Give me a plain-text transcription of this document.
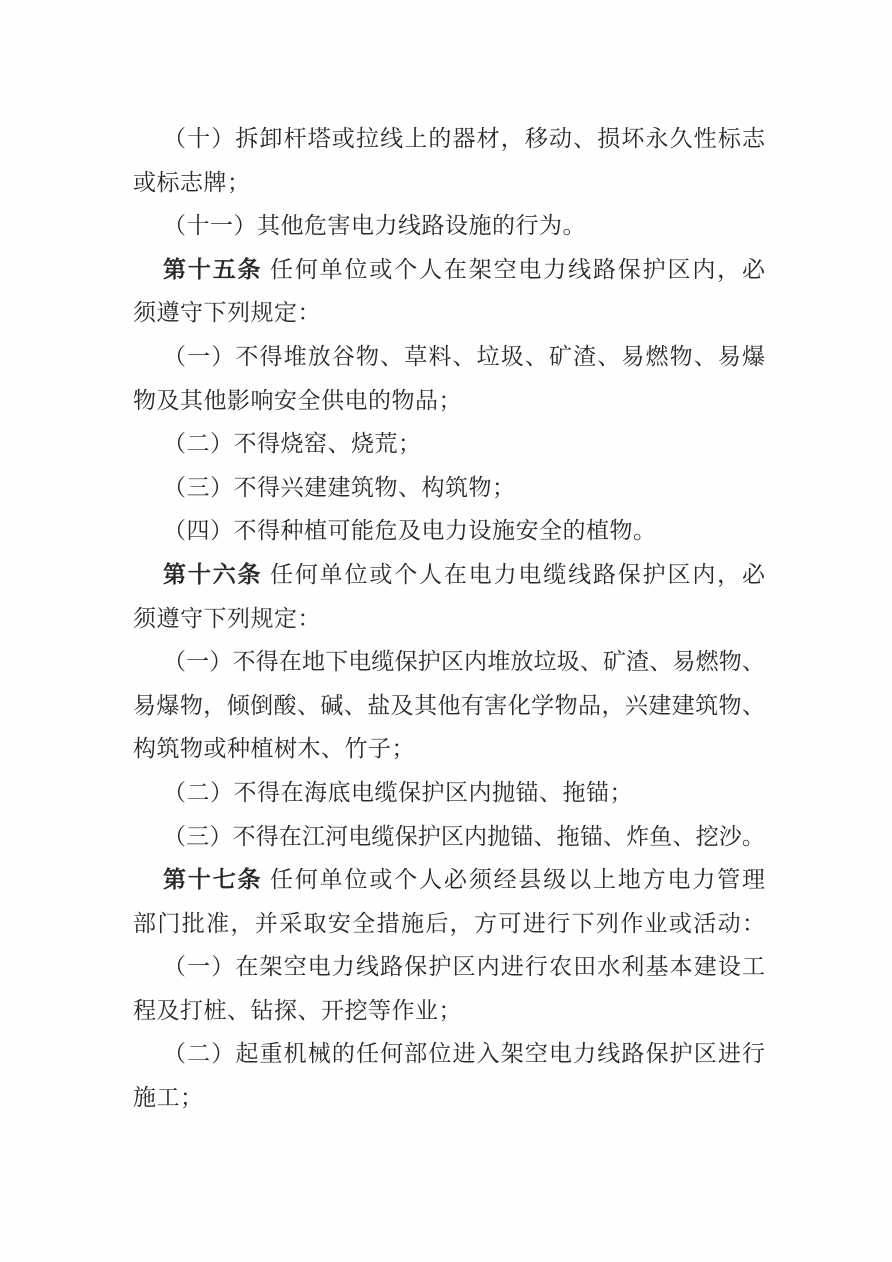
（ 十 ） 拆 卸 杆 塔 或 拉 线 上 的 器 材 ， 移 动 、 损 坏 永 久 性 标 志
或标志牌；
（十一）其他危害电力线路设施的行为。
第 十 五 条
任 何 单 位 或 个 人 在 架 空 电 力 线 路 保 护 区 内 ， 必
须遵守下列规定：
（ 一 ） 不 得 堆 放 谷 物 、 草 料 、 垃 圾 、 矿 渣 、 易 燃 物 、 易 爆
物及其他影响安全供电的物品；
（二）不得烧窑、烧荒；
（三）不得兴建建筑物、构筑物；
（四）不得种植可能危及电力设施安全的植物。
第 十 六 条
任 何 单 位 或 个 人 在 电 力 电 缆 线 路 保 护 区 内 ， 必
须遵守下列规定：
（ 一 ） 不 得 在 地 下 电 缆 保 护 区 内 堆 放 垃 圾 、 矿 渣 、 易 燃 物 、
易 爆 物 ， 倾 倒 酸 、 碱 、 盐 及 其 他 有 害 化 学 物 品 ， 兴 建 建 筑 物 、
构筑物或种植树木、竹子；
（二）不得在海底电缆保护区内抛锚、拖锚；
（ 三 ） 不 得 在 江 河 电 缆 保 护 区 内 抛 锚 、 拖 锚 、 炸 鱼 、 挖 沙 。
第 十 七 条
任 何 单 位 或 个 人 必 须 经 县 级 以 上 地 方 电 力 管 理
部 门 批 准 ， 并 采 取 安 全 措 施 后 ， 方 可 进 行 下 列 作 业 或 活 动 ：
（ 一 ） 在 架 空 电 力 线 路 保 护 区 内 进 行 农 田 水 利 基 本 建 设 工
程及打桩、钻探、开挖等作业；
（ 二 ） 起 重 机 械 的 任 何 部 位 进 入 架 空 电 力 线 路 保 护 区 进 行
施工；
